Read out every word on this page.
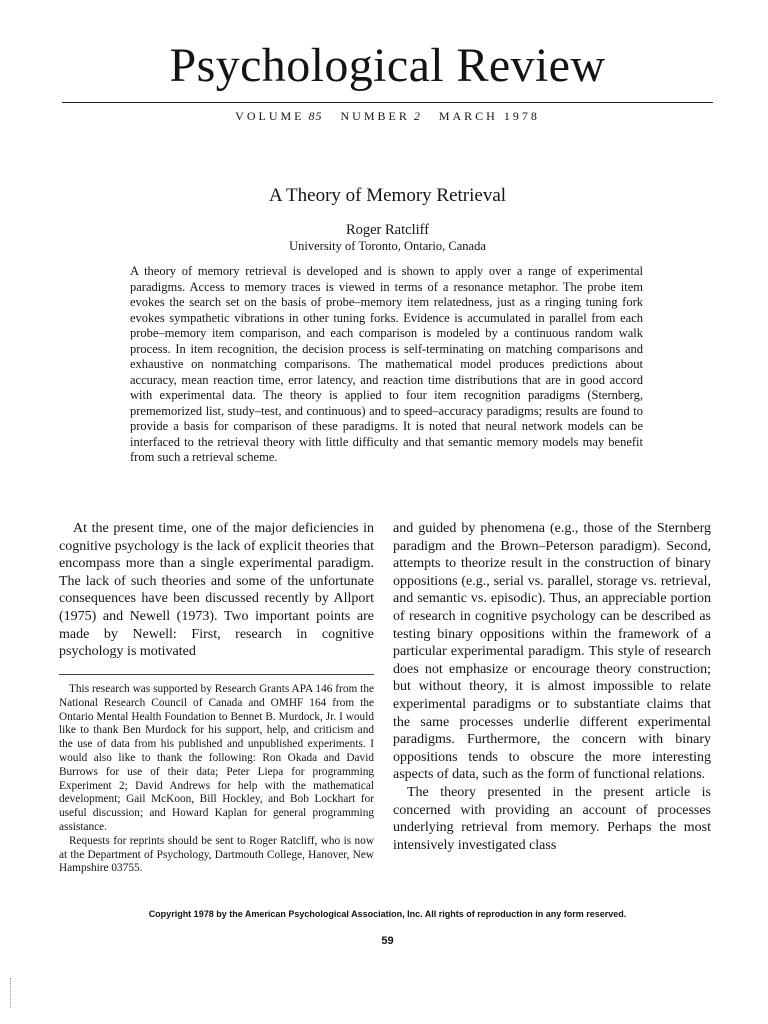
Psychological Review
VOLUME 85 NUMBER 2 MARCH 1978
A Theory of Memory Retrieval
Roger Ratcliff
University of Toronto, Ontario, Canada

A theory of memory retrieval is developed and is shown to apply over a range of experimental paradigms. Access to memory traces is viewed in terms of a resonance metaphor. The probe item evokes the search set on the basis of probe–memory item relatedness, just as a ringing tuning fork evokes sympathetic vibrations in other tuning forks. Evidence is accumulated in parallel from each probe–memory item comparison, and each comparison is modeled by a continuous random walk process. In item recognition, the decision process is self-terminating on matching comparisons and exhaustive on nonmatching comparisons. The mathematical model produces predictions about accuracy, mean reaction time, error latency, and reaction time distributions that are in good accord with experimental data. The theory is applied to four item recognition paradigms (Sternberg, prememorized list, study–test, and continuous) and to speed–accuracy paradigms; results are found to provide a basis for comparison of these paradigms. It is noted that neural network models can be interfaced to the retrieval theory with little difficulty and that semantic memory models may benefit from such a retrieval scheme.

At the present time, one of the major deficiencies in cognitive psychology is the lack of explicit theories that encompass more than a single experimental paradigm. The lack of such theories and some of the unfortunate consequences have been discussed recently by Allport (1975) and Newell (1973). Two important points are made by Newell: First, research in cognitive psychology is motivated

This research was supported by Research Grants APA 146 from the National Research Council of Canada and OMHF 164 from the Ontario Mental Health Foundation to Bennet B. Murdock, Jr. I would like to thank Ben Murdock for his support, help, and criticism and the use of data from his published and unpublished experiments. I would also like to thank the following: Ron Okada and David Burrows for use of their data; Peter Liepa for programming Experiment 2; David Andrews for help with the mathematical development; Gail McKoon, Bill Hockley, and Bob Lockhart for useful discussion; and Howard Kaplan for general programming assistance.

Requests for reprints should be sent to Roger Ratcliff, who is now at the Department of Psychology, Dartmouth College, Hanover, New Hampshire 03755.

and guided by phenomena (e.g., those of the Sternberg paradigm and the Brown–Peterson paradigm). Second, attempts to theorize result in the construction of binary oppositions (e.g., serial vs. parallel, storage vs. retrieval, and semantic vs. episodic). Thus, an appreciable portion of research in cognitive psychology can be described as testing binary oppositions within the framework of a particular experimental paradigm. This style of research does not emphasize or encourage theory construction; but without theory, it is almost impossible to relate experimental paradigms or to substantiate claims that the same processes underlie different experimental paradigms. Furthermore, the concern with binary oppositions tends to obscure the more interesting aspects of data, such as the form of functional relations.

The theory presented in the present article is concerned with providing an account of processes underlying retrieval from memory. Perhaps the most intensively investigated class

Copyright 1978 by the American Psychological Association, Inc. All rights of reproduction in any form reserved.
59
